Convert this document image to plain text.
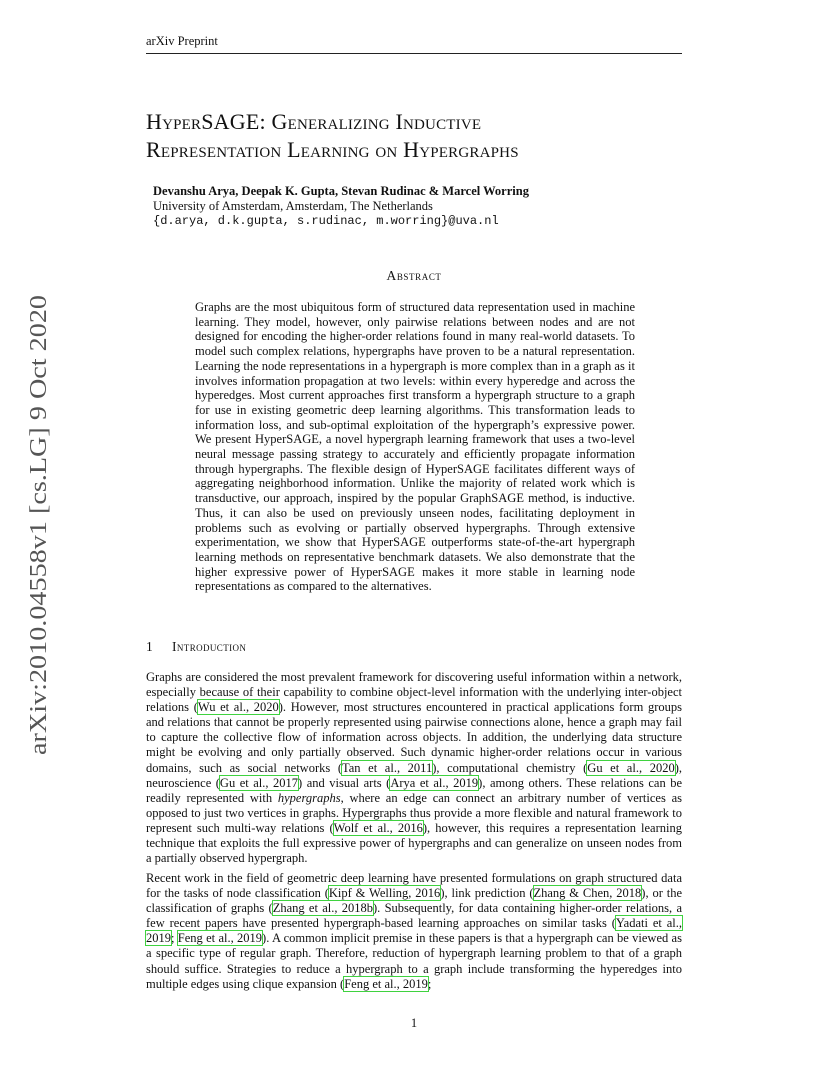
arXiv Preprint
arXiv:2010.04558v1 [cs.LG] 9 Oct 2020
HyperSAGE: Generalizing Inductive
Representation Learning on Hypergraphs
Devanshu Arya, Deepak K. Gupta, Stevan Rudinac & Marcel Worring
University of Amsterdam, Amsterdam, The Netherlands
{d.arya, d.k.gupta, s.rudinac, m.worring}@uva.nl
Abstract

Graphs are the most ubiquitous form of structured data representation used in machine learning. They model, however, only pairwise relations between nodes and are not designed for encoding the higher-order relations found in many real-world datasets. To model such complex relations, hypergraphs have proven to be a natural representation. Learning the node representations in a hypergraph is more complex than in a graph as it involves information propagation at two levels: within every hyperedge and across the hyperedges. Most current approaches first transform a hypergraph structure to a graph for use in existing geometric deep learning algorithms. This transformation leads to information loss, and sub-optimal exploitation of the hypergraph’s expressive power. We present HyperSAGE, a novel hypergraph learning framework that uses a two-level neural message passing strategy to accurately and efficiently propagate information through hypergraphs. The flexible design of HyperSAGE facilitates different ways of aggregating neighborhood information. Unlike the majority of related work which is transductive, our approach, inspired by the popular GraphSAGE method, is inductive. Thus, it can also be used on previously unseen nodes, facilitating deployment in problems such as evolving or partially observed hypergraphs. Through extensive experimentation, we show that HyperSAGE outperforms state-of-the-art hypergraph learning methods on representative benchmark datasets. We also demonstrate that the higher expressive power of HyperSAGE makes it more stable in learning node representations as compared to the alternatives.

1 Introduction

Graphs are considered the most prevalent framework for discovering useful information within a network, especially because of their capability to combine object-level information with the underlying inter-object relations (Wu et al., 2020). However, most structures encountered in practical applications form groups and relations that cannot be properly represented using pairwise connections alone, hence a graph may fail to capture the collective flow of information across objects. In addition, the underlying data structure might be evolving and only partially observed. Such dynamic higher-order relations occur in various domains, such as social networks (Tan et al., 2011), computational chemistry (Gu et al., 2020), neuroscience (Gu et al., 2017) and visual arts (Arya et al., 2019), among others. These relations can be readily represented with hypergraphs, where an edge can connect an arbitrary number of vertices as opposed to just two vertices in graphs. Hypergraphs thus provide a more flexible and natural framework to represent such multi-way relations (Wolf et al., 2016), however, this requires a representation learning technique that exploits the full expressive power of hypergraphs and can generalize on unseen nodes from a partially observed hypergraph.

Recent work in the field of geometric deep learning have presented formulations on graph structured data for the tasks of node classification (Kipf & Welling, 2016), link prediction (Zhang & Chen, 2018), or the classification of graphs (Zhang et al., 2018b). Subsequently, for data containing higher-order relations, a few recent papers have presented hypergraph-based learning approaches on similar tasks (Yadati et al., 2019; Feng et al., 2019). A common implicit premise in these papers is that a hypergraph can be viewed as a specific type of regular graph. Therefore, reduction of hypergraph learning problem to that of a graph should suffice. Strategies to reduce a hypergraph to a graph include transforming the hyperedges into multiple edges using clique expansion (Feng et al., 2019;

1
